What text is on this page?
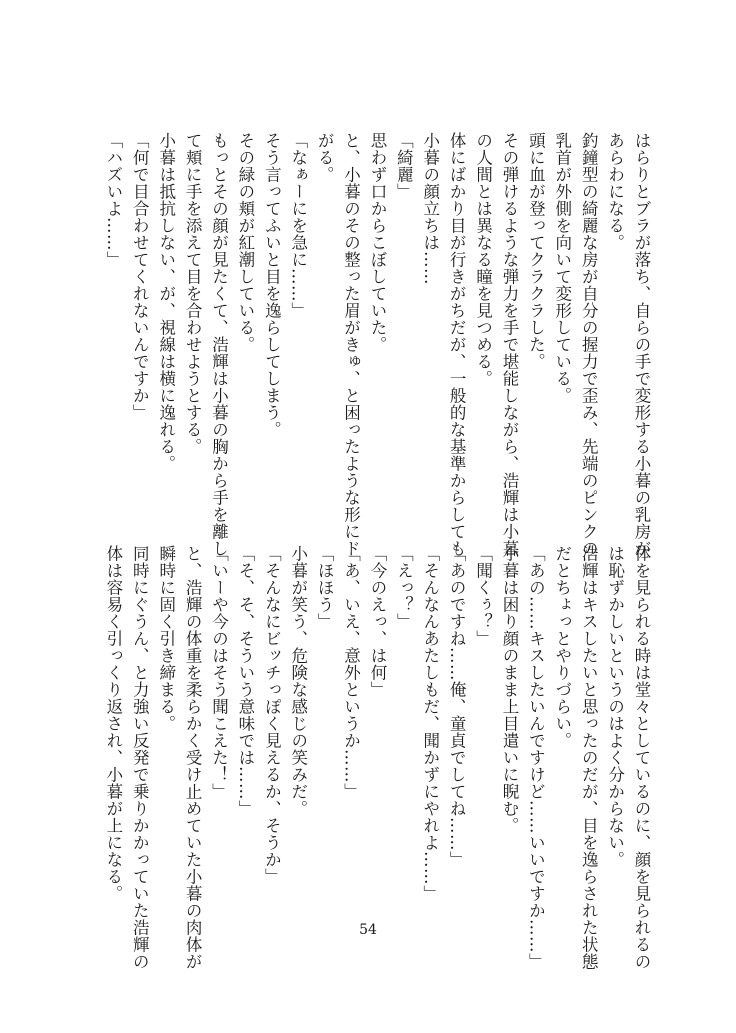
はらりとブラが落ち、自らの手で変形する小暮の乳房が
あらわになる。
釣鐘型の綺麗な房が自分の握力で歪み、先端のピンクの
乳首が外側を向いて変形している。
頭に血が登ってクラクラした。
その弾けるような弾力を手で堪能しながら、浩輝は小暮
の人間とは異なる瞳を見つめる。
体にばかり目が行きがちだが、一般的な基準からしても
小暮の顔立ちは……
「綺麗」
思わず口からこぼしていた。
と、小暮のその整った眉がきゅ、と困ったような形にド
がる。
「なぁーにを急に……」
そう言ってふいと目を逸らしてしまう。
その緑の頬が紅潮している。
もっとその顔が見たくて、浩輝は小暮の胸から手を離し
て頬に手を添えて目を合わせようとする。
小暮は抵抗しない、が、視線は横に逸れる。
「何で目合わせてくれないんですか」
「ハズいよ……」
体を見られる時は堂々としているのに、顔を見られるの
は恥ずかしいというのはよく分からない。
浩輝はキスしたいと思ったのだが、目を逸らされた状態
だとちょっとやりづらい。
「あの……キスしたいんですけど……いいですか……」
小暮は困り顔のまま上目遣いに睨む。
「聞くぅ？」
「あのですね……俺、童貞でしてね……」
「そんなんあたしもだ、聞かずにやれよ……」
「えっ？」
「今のえっ、は何」
「あ、いえ、意外というか……」
「ほほう」
小暮が笑う、危険な感じの笑みだ。
「そんなにビッチっぽく見えるか、そうか」
「そ、そ、そういう意味では……」
「いーや今のはそう聞こえた！」
と、浩輝の体重を柔らかく受け止めていた小暮の肉体が
瞬時に固く引き締まる。
同時にぐうん、と力強い反発で乗りかかっていた浩輝の
体は容易く引っくり返され、小暮が上になる。
54
